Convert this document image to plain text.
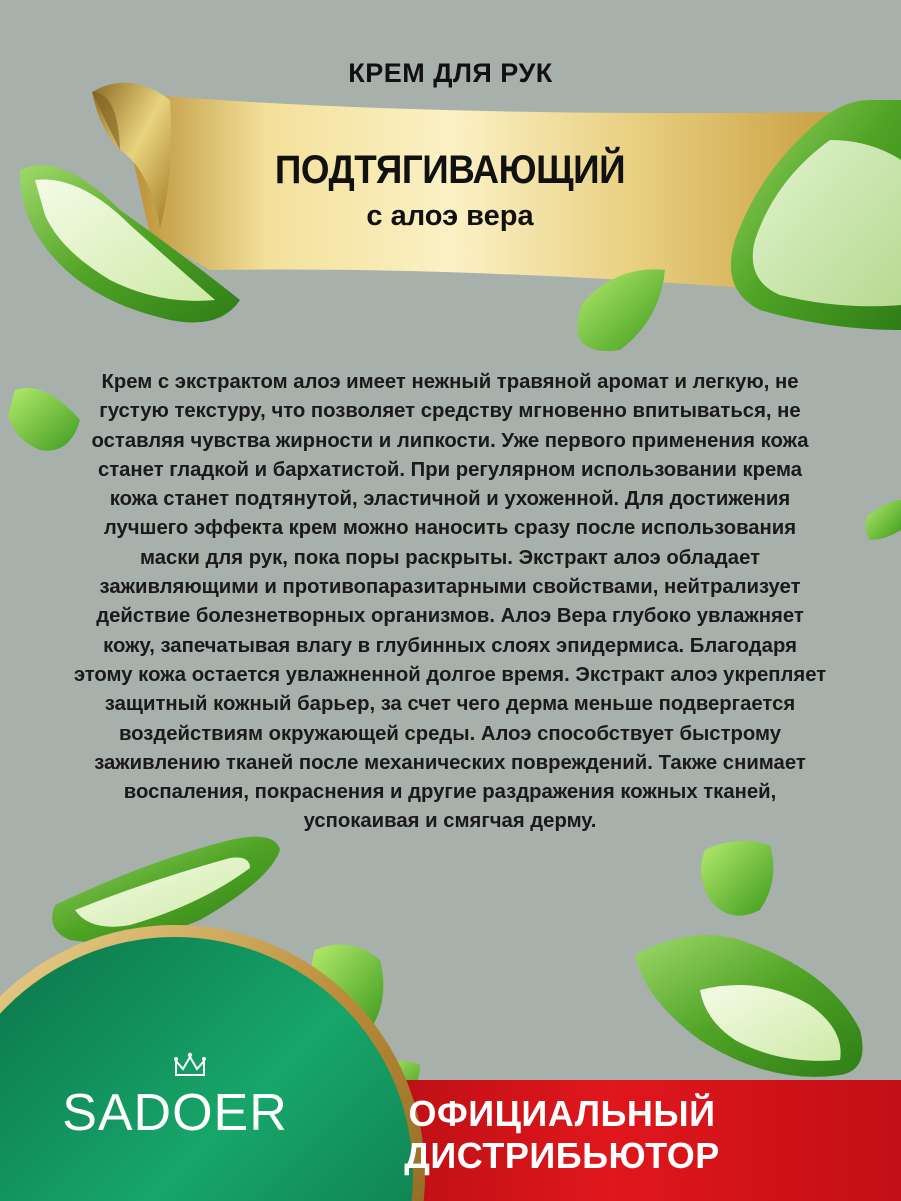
КРЕМ ДЛЯ РУК
ПОДТЯГИВАЮЩИЙ
с алоэ вера
Крем с экстрактом алоэ имеет нежный травяной аромат и легкую, не густую текстуру, что позволяет средству мгновенно впитываться, не оставляя чувства жирности и липкости. Уже первого применения кожа станет гладкой и бархатистой. При регулярном использовании крема кожа станет подтянутой, эластичной и ухоженной. Для достижения лучшего эффекта крем можно наносить сразу после использования маски для рук, пока поры раскрыты. Экстракт алоэ обладает заживляющими и противопаразитарными свойствами, нейтрализует действие болезнетворных организмов. Алоэ Вера глубоко увлажняет кожу, запечатывая влагу в глубинных слоях эпидермиса. Благодаря этому кожа остается увлажненной долгое время. Экстракт алоэ укрепляет защитный кожный барьер, за счет чего дерма меньше подвергается воздействиям окружающей среды. Алоэ способствует быстрому заживлению тканей после механических повреждений. Также снимает воспаления, покраснения и другие раздражения кожных тканей, успокаивая и смягчая дерму.
SADOER	ОФИЦИАЛЬНЫЙ
ДИСТРИБЬЮТОР
